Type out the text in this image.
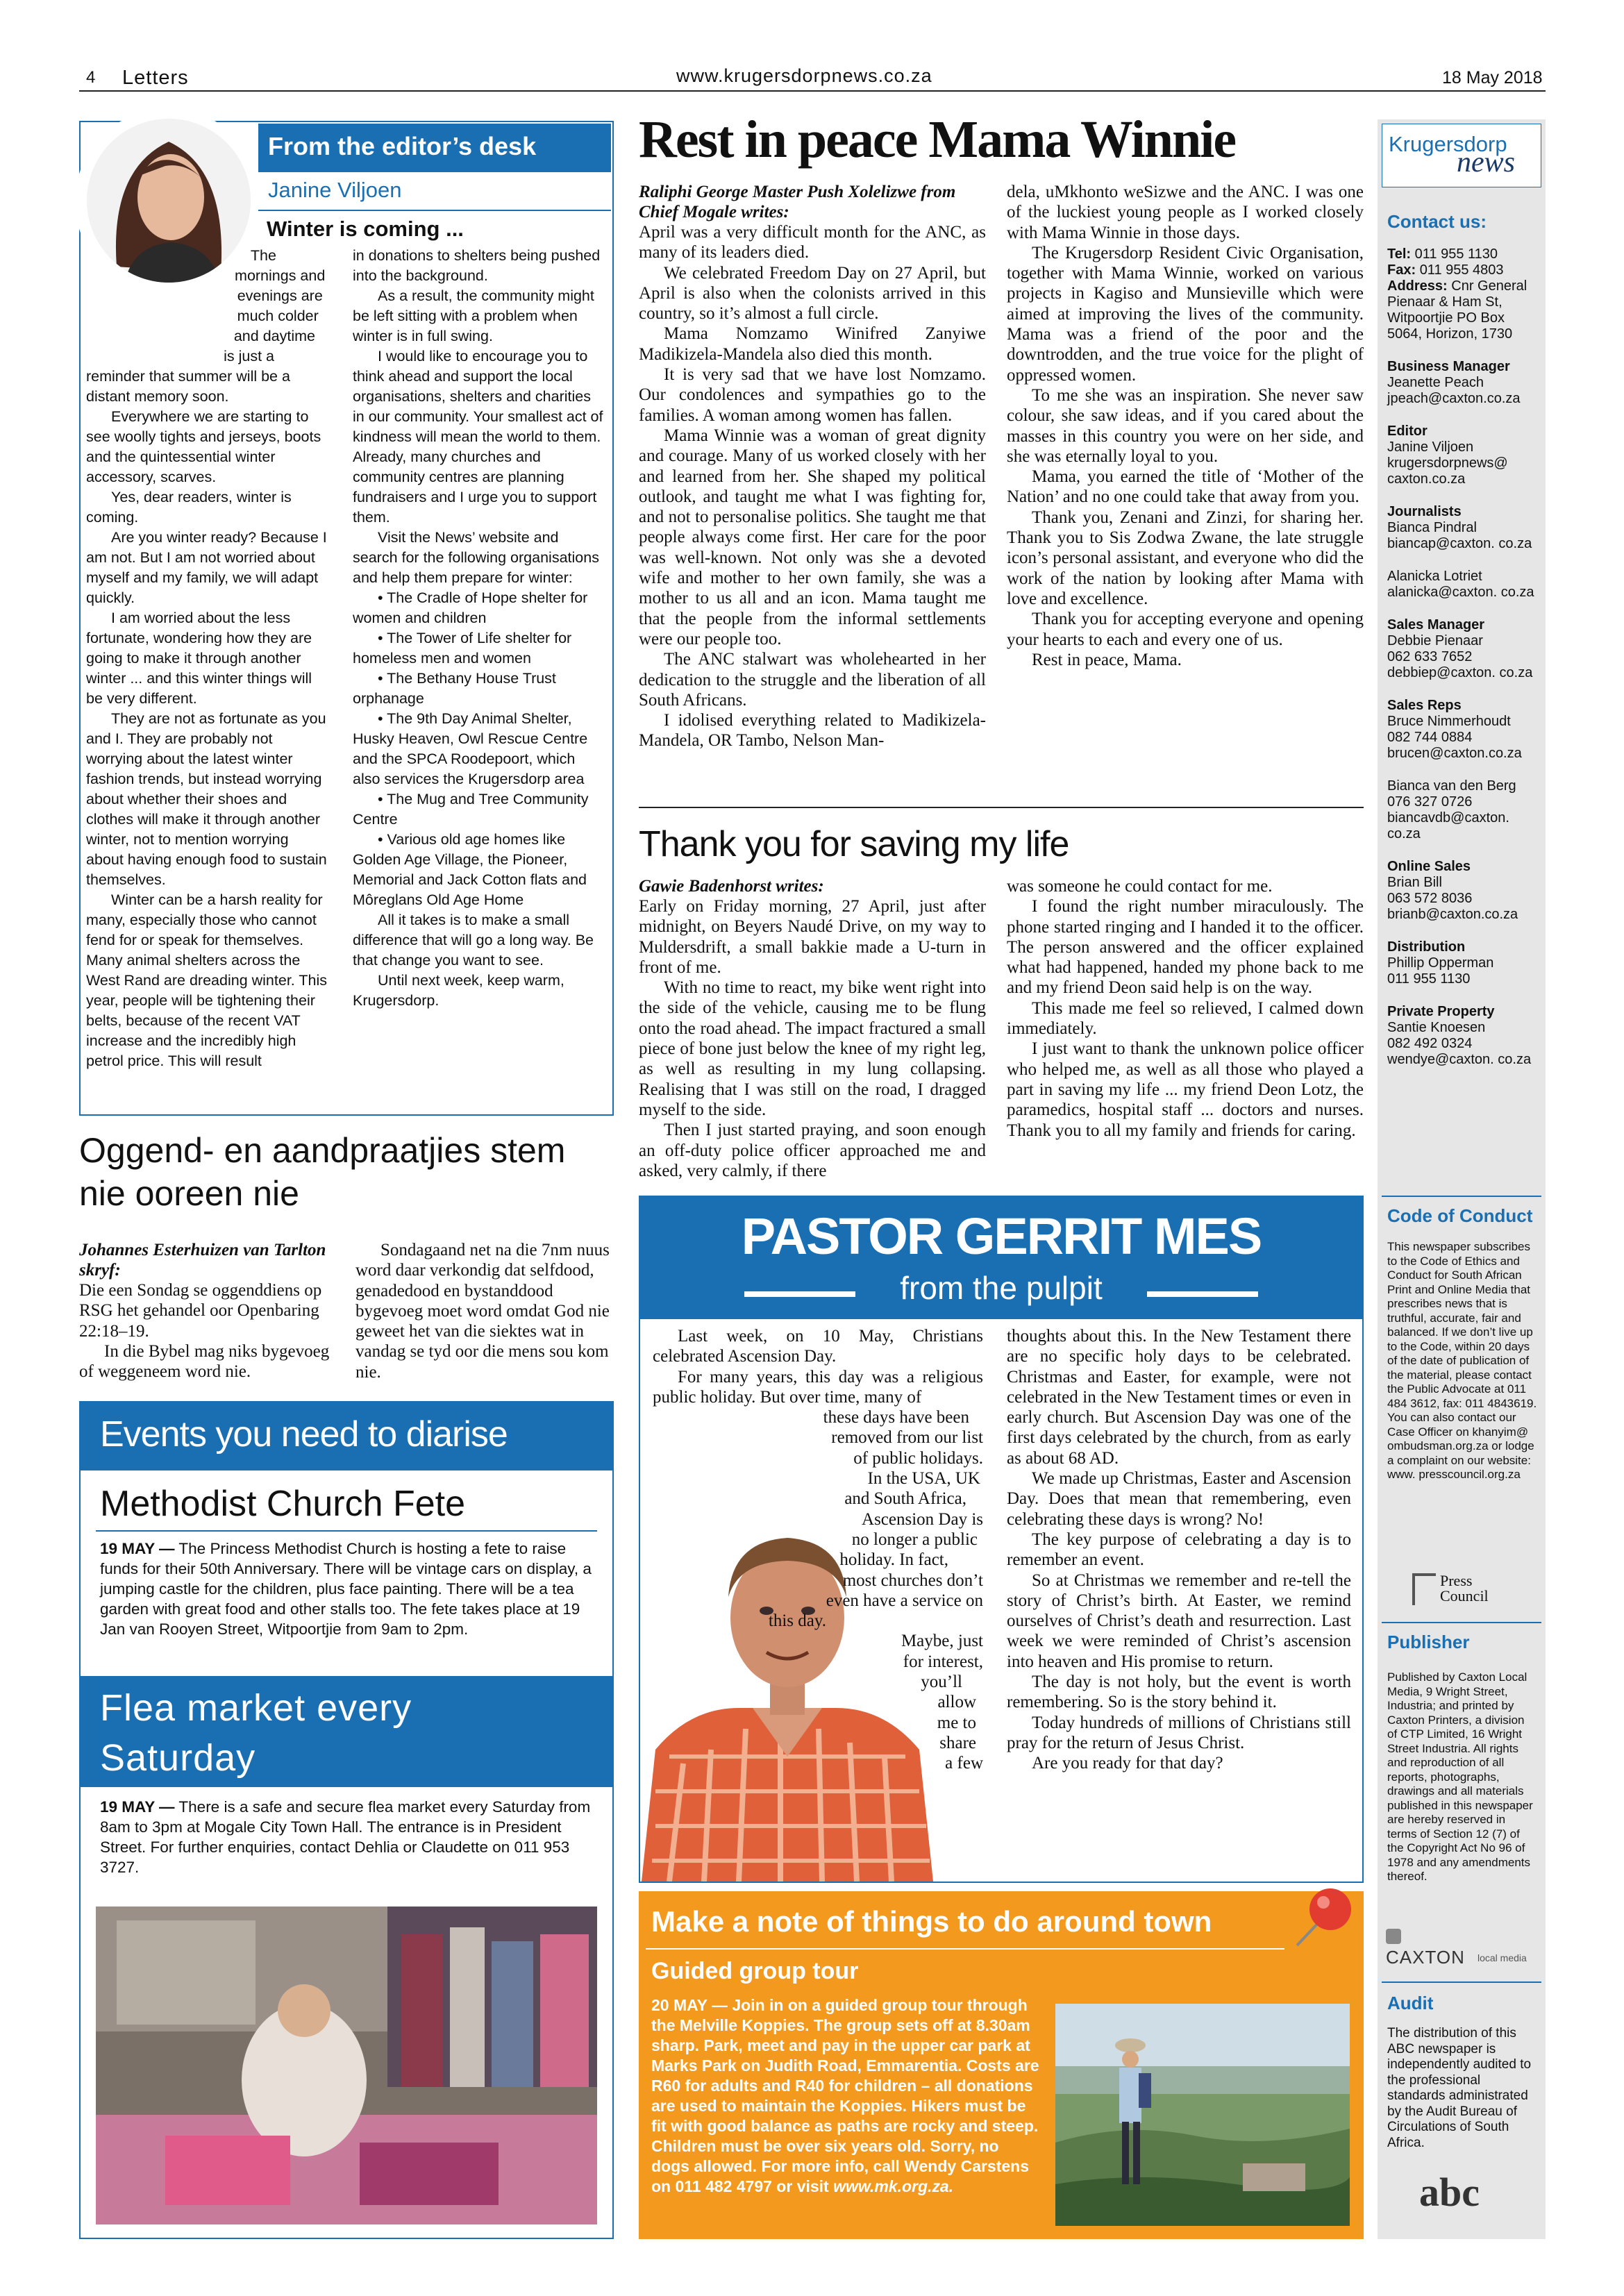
4 Letters	www.krugersdorpnews.co.za	18 May 2018
From the editor’s desk
Janine Viljoen
Winter is coming ...

The mornings and evenings are much colder and daytime is just a reminder that summer will be a distant memory soon.

Everywhere we are starting to see woolly tights and jerseys, boots and the quintessential winter accessory, scarves.

Yes, dear readers, winter is coming.

Are you winter ready? Because I am not. But I am not worried about myself and my family, we will adapt quickly.

I am worried about the less fortunate, wondering how they are going to make it through another winter ... and this winter things will be very different.

They are not as fortunate as you and I. They are probably not worrying about the latest winter fashion trends, but instead worrying about whether their shoes and clothes will make it through another winter, not to mention worrying about having enough food to sustain themselves.

Winter can be a harsh reality for many, especially those who cannot fend for or speak for themselves. Many animal shelters across the West Rand are dreading winter. This year, people will be tightening their belts, because of the recent VAT increase and the incredibly high petrol price. This will result

in donations to shelters being pushed into the background.

As a result, the community might be left sitting with a problem when winter is in full swing.

I would like to encourage you to think ahead and support the local organisations, shelters and charities in our community. Your smallest act of kindness will mean the world to them. Already, many churches and community centres are planning fundraisers and I urge you to support them.

Visit the News’ website and search for the following organisations and help them prepare for winter:

• The Cradle of Hope shelter for women and children

• The Tower of Life shelter for homeless men and women

• The Bethany House Trust orphanage

• The 9th Day Animal Shelter, Husky Heaven, Owl Rescue Centre and the SPCA Roodepoort, which also services the Krugersdorp area

• The Mug and Tree Community Centre

• Various old age homes like Golden Age Village, the Pioneer, Memorial and Jack Cotton flats and Môreglans Old Age Home

All it takes is to make a small difference that will go a long way. Be that change you want to see.

Until next week, keep warm, Krugersdorp.

Oggend- en aandpraatjies stem nie ooreen nie

Johannes Esterhuizen van Tarlton skryf:

Die een Sondag se oggenddiens op RSG het gehandel oor Openbaring 22:18–19.

In die Bybel mag niks bygevoeg of weggeneem word nie.

Sondagaand net na die 7nm nuus word daar verkondig dat selfdood, genadedood en bystanddood bygevoeg moet word omdat God nie geweet het van die siektes wat in vandag se tyd oor die mens sou kom nie.

Events you need to diarise
Methodist Church Fete
19 MAY — The Princess Methodist Church is hosting a fete to raise funds for their 50th Anniversary. There will be vintage cars on display, a jumping castle for the children, plus face painting. There will be a tea garden with great food and other stalls too. The fete takes place at 19 Jan van Rooyen Street, Witpoortjie from 9am to 2pm.
Flea market every Saturday
19 MAY — There is a safe and secure flea market every Saturday from 8am to 3pm at Mogale City Town Hall. The entrance is in President Street. For further enquiries, contact Dehlia or Claudette on 011 953 3727.
Rest in peace Mama Winnie

Raliphi George Master Push Xolelizwe from Chief Mogale writes:

April was a very difficult month for the ANC, as many of its leaders died.

We celebrated Freedom Day on 27 April, but April is also when the colonists arrived in this country, so it’s almost a full circle.

Mama Nomzamo Winifred Zanyiwe Madikizela-Mandela also died this month.

It is very sad that we have lost Nomzamo. Our condolences and sympathies go to the families. A woman among women has fallen.

Mama Winnie was a woman of great dignity and courage. Many of us worked closely with her and learned from her. She shaped my political outlook, and taught me what I was fighting for, and not to personalise politics. She taught me that people always come first. Her care for the poor was well-known. Not only was she a devoted wife and mother to her own family, she was a mother to us all and an icon. Mama taught me that the people from the informal settlements were our people too.

The ANC stalwart was wholehearted in her dedication to the struggle and the liberation of all South Africans.

I idolised everything related to Madikizela-Mandela, OR Tambo, Nelson Man-

dela, uMkhonto weSizwe and the ANC. I was one of the luckiest young people as I worked closely with Mama Winnie in those days.

The Krugersdorp Resident Civic Organisation, together with Mama Winnie, worked on various projects in Kagiso and Munsieville which were aimed at improving the lives of the community. Mama was a friend of the poor and the downtrodden, and the true voice for the plight of oppressed women.

To me she was an inspiration. She never saw colour, she saw ideas, and if you cared about the masses in this country you were on her side, and she was eternally loyal to you.

Mama, you earned the title of ‘Mother of the Nation’ and no one could take that away from you.

Thank you, Zenani and Zinzi, for sharing her. Thank you to Sis Zodwa Zwane, the late struggle icon’s personal assistant, and everyone who did the work of the nation by looking after Mama with love and excellence.

Thank you for accepting everyone and opening your hearts to each and every one of us.

Rest in peace, Mama.

Thank you for saving my life

Gawie Badenhorst writes:

Early on Friday morning, 27 April, just after midnight, on Beyers Naudé Drive, on my way to Muldersdrift, a small bakkie made a U-turn in front of me.

With no time to react, my bike went right into the side of the vehicle, causing me to be flung onto the road ahead. The impact fractured a small piece of bone just below the knee of my right leg, as well as resulting in my lung collapsing. Realising that I was still on the road, I dragged myself to the side.

Then I just started praying, and soon enough an off-duty police officer approached me and asked, very calmly, if there

was someone he could contact for me.

I found the right number miraculously. The phone started ringing and I handed it to the officer. The person answered and the officer explained what had happened, handed my phone back to me and my friend Deon said help is on the way.

This made me feel so relieved, I calmed down immediately.

I just want to thank the unknown police officer who helped me, as well as all those who played a part in saving my life ... my friend Deon Lotz, the paramedics, hospital staff ... doctors and nurses. Thank you to all my family and friends for caring.

PASTOR GERRIT MES
from the pulpit

Last week, on 10 May, Christians celebrated Ascension Day.

For many years, this day was a religious public holiday. But over time, many of

these days have been
removed from our list
of public holidays.
In the USA, UK
and South Africa,
Ascension Day is
no longer a public
holiday. In fact,
most churches don’t
even have a service on
this day.
Maybe, just
for interest,
you’ll
allow
me to
share
a few

thoughts about this. In the New Testament there are no specific holy days to be celebrated. Christmas and Easter, for example, were not celebrated in the New Testament times or even in early church. But Ascension Day was one of the first days celebrated by the church, from as early as about 68 AD.

We made up Christmas, Easter and Ascension Day. Does that mean that remembering, even celebrating these days is wrong? No!

The key purpose of celebrating a day is to remember an event.

So at Christmas we remember and re-tell the story of Christ’s birth. At Easter, we remind ourselves of Christ’s death and resurrection. Last week we were reminded of Christ’s ascension into heaven and His promise to return.

The day is not holy, but the event is worth remembering. So is the story behind it.

Today hundreds of millions of Christians still pray for the return of Jesus Christ.

Are you ready for that day?

Make a note of things to do around town
Guided group tour
20 MAY — Join in on a guided group tour through the Melville Koppies. The group sets off at 8.30am sharp. Park, meet and pay in the upper car park at Marks Park on Judith Road, Emmarentia. Costs are R60 for adults and R40 for children – all donations are used to maintain the Koppies. Hikers must be fit with good balance as paths are rocky and steep. Children must be over six years old. Sorry, no dogs allowed. For more info, call Wendy Carstens on 011 482 4797 or visit www.mk.org.za.
Krugersdorp
news
Contact us:
Tel: 011 955 1130
Fax: 011 955 4803
Address: Cnr General Pienaar & Ham St, Witpoortjie PO Box 5064, Horizon, 1730
Business Manager
Jeanette Peach
jpeach@caxton.co.za
Editor
Janine Viljoen
krugersdorpnews@ caxton.co.za
Journalists
Bianca Pindral
biancap@caxton. co.za
Alanicka Lotriet
alanicka@caxton. co.za
Sales Manager
Debbie Pienaar
062 633 7652
debbiep@caxton. co.za
Sales Reps
Bruce Nimmerhoudt
082 744 0884
brucen@caxton.co.za
Bianca van den Berg
076 327 0726
biancavdb@caxton. co.za
Online Sales
Brian Bill
063 572 8036
brianb@caxton.co.za
Distribution
Phillip Opperman
011 955 1130
Private Property
Santie Knoesen
082 492 0324
wendye@caxton. co.za
Code of Conduct
This newspaper subscribes to the Code of Ethics and Conduct for South African Print and Online Media that prescribes news that is truthful, accurate, fair and balanced. If we don’t live up to the Code, within 20 days of the date of publication of the material, please contact the Public Advocate at 011 484 3612, fax: 011 4843619. You can also contact our Case Officer on khanyim@ ombudsman.org.za or lodge a complaint on our website: www. presscouncil.org.za
Press
Council
Publisher
Published by Caxton Local Media, 9 Wright Street, Industria; and printed by Caxton Printers, a division of CTP Limited, 16 Wright Street Industria. All rights and reproduction of all reports, photographs, drawings and all materials published in this newspaper are hereby reserved in terms of Section 12 (7) of the Copyright Act No 96 of 1978 and any amendments thereof.
CAXTON local media
Audit
The distribution of this ABC newspaper is independently audited to the professional standards administrated by the Audit Bureau of Circulations of South Africa.
abc
